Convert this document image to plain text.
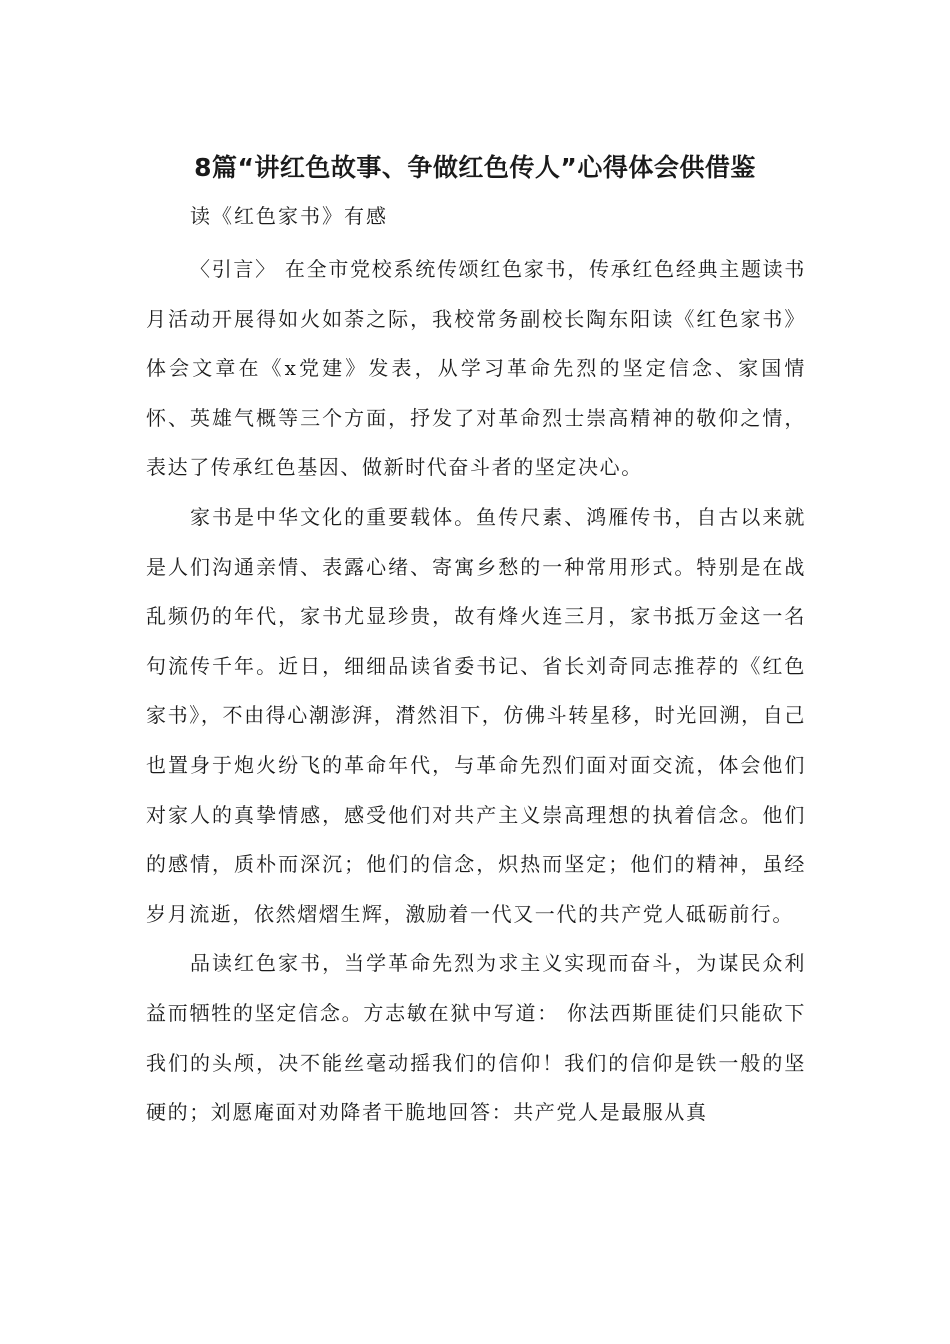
8篇“讲红色故事、争做红色传人”心得体会供借鉴

读《红色家书》有感

〈引言〉 在全市党校系统传颂红色家书，传承红色经典主题读书月活动开展得如火如荼之际，我校常务副校长陶东阳读《红色家书》体会文章在《x党建》发表，从学习革命先烈的坚定信念、家国情怀、英雄气概等三个方面，抒发了对革命烈士崇高精神的敬仰之情，表达了传承红色基因、做新时代奋斗者的坚定决心。

家书是中华文化的重要载体。鱼传尺素、鸿雁传书，自古以来就是人们沟通亲情、表露心绪、寄寓乡愁的一种常用形式。特别是在战乱频仍的年代，家书尤显珍贵，故有烽火连三月，家书抵万金这一名句流传千年。近日，细细品读省委书记、省长刘奇同志推荐的《红色家书》，不由得心潮澎湃，潸然泪下，仿佛斗转星移，时光回溯，自己也置身于炮火纷飞的革命年代，与革命先烈们面对面交流，体会他们对家人的真挚情感，感受他们对共产主义崇高理想的执着信念。他们的感情，质朴而深沉；他们的信念，炽热而坚定；他们的精神，虽经岁月流逝，依然熠熠生辉，激励着一代又一代的共产党人砥砺前行。

品读红色家书，当学革命先烈为求主义实现而奋斗，为谋民众利益而牺牲的坚定信念。方志敏在狱中写道： 你法西斯匪徒们只能砍下我们的头颅，决不能丝毫动摇我们的信仰！我们的信仰是铁一般的坚硬的；刘愿庵面对劝降者干脆地回答：共产党人是最服从真
